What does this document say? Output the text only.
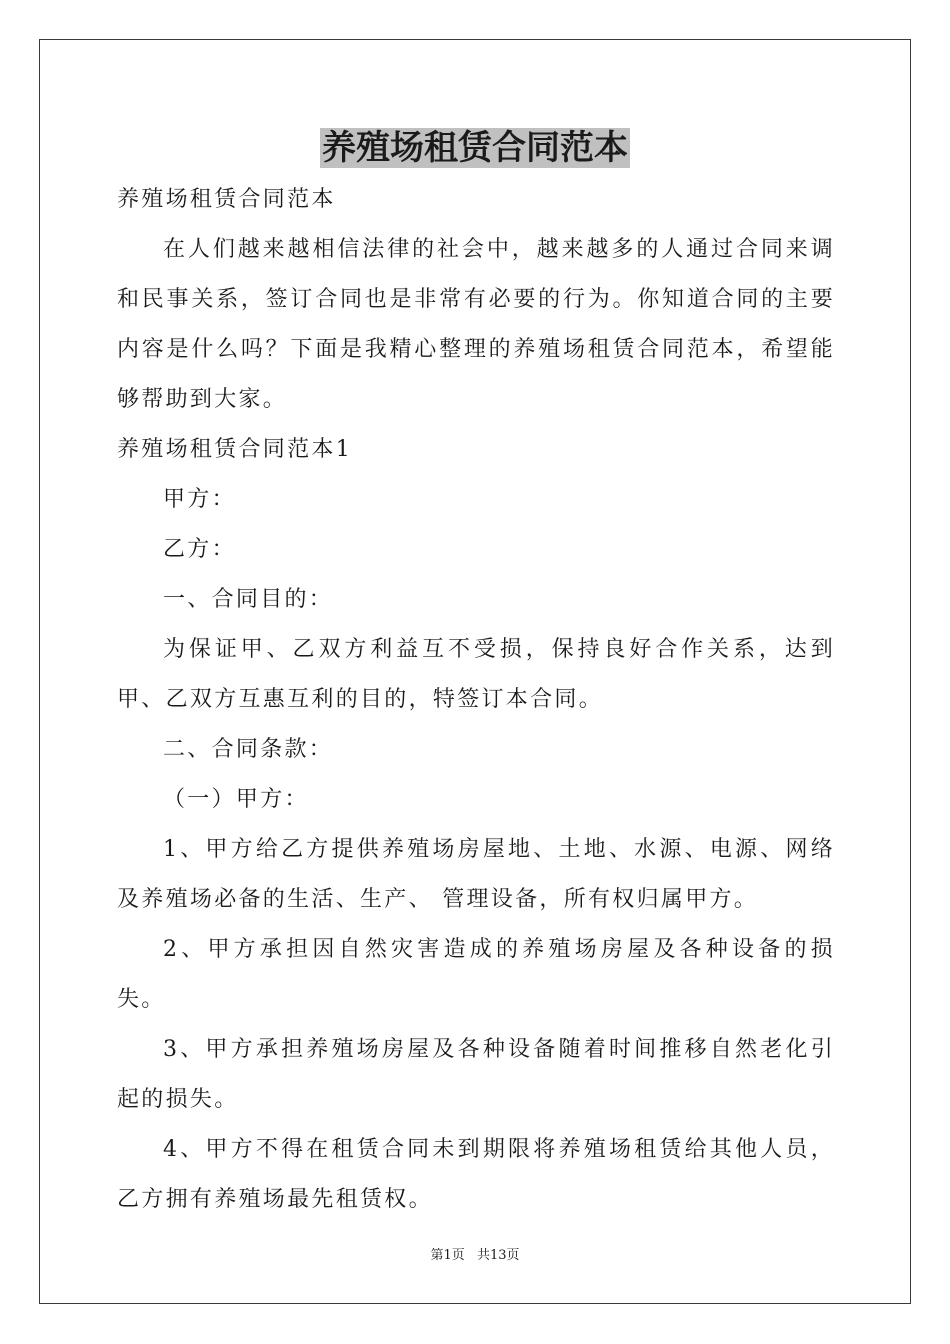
养殖场租赁合同范本

养殖场租赁合同范本

在人们越来越相信法律的社会中，越来越多的人通过合同来调和民事关系，签订合同也是非常有必要的行为。你知道合同的主要内容是什么吗？下面是我精心整理的养殖场租赁合同范本，希望能够帮助到大家。

养殖场租赁合同范本1

甲方：

乙方：

一、合同目的：

为保证甲、乙双方利益互不受损，保持良好合作关系，达到甲、乙双方互惠互利的目的，特签订本合同。

二、合同条款：

（一）甲方：

1、甲方给乙方提供养殖场房屋地、土地、水源、电源、网络及养殖场必备的生活、生产、 管理设备，所有权归属甲方。

2、甲方承担因自然灾害造成的养殖场房屋及各种设备的损失。

3、甲方承担养殖场房屋及各种设备随着时间推移自然老化引起的损失。

4、甲方不得在租赁合同未到期限将养殖场租赁给其他人员，乙方拥有养殖场最先租赁权。

第1页 共13页
